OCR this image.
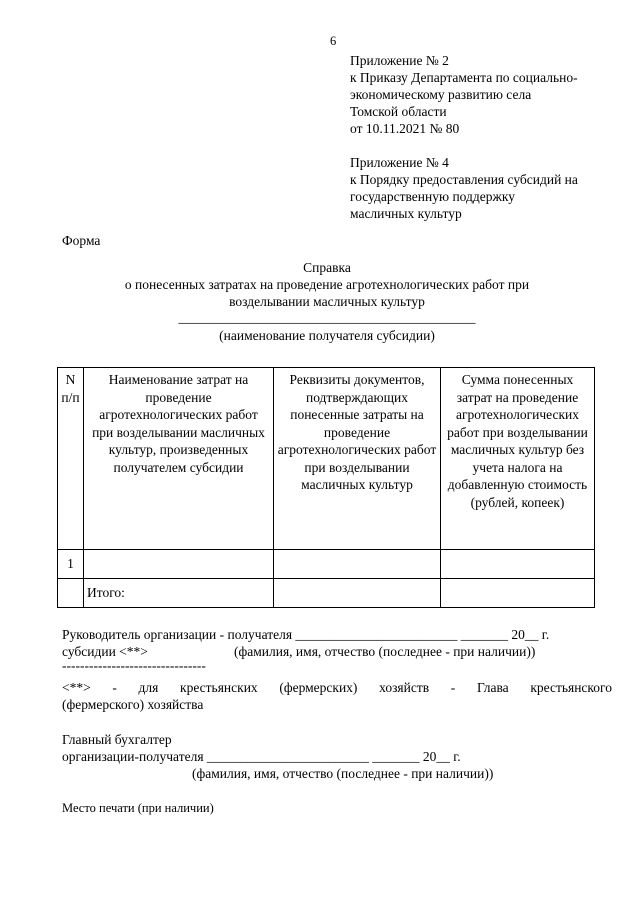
6
Приложение № 2
к Приказу Департамента по социально-
экономическому развитию села
Томской области
от 10.11.2021 № 80
Приложение № 4
к Порядку предоставления субсидий на
государственную поддержку
масличных культур
Форма
Справка
о понесенных затратах на проведение агротехнологических работ при
возделывании масличных культур
____________________________________________
(наименование получателя субсидии)
N п/п	Наименование затрат на проведение агротехнологических работ при возделывании масличных культур, произведенных получателем субсидии	Реквизиты документов, подтверждающих понесенные затраты на проведение агротехнологических работ при возделывании масличных культур	Сумма понесенных затрат на проведение агротехнологических работ при возделывании масличных культур без учета налога на добавленную стоимость (рублей, копеек)
1			
	Итого:		
Руководитель организации - получателя ________________________ _______ 20__ г.
субсидии <**>	(фамилия, имя, отчество (последнее - при наличии))
--------------------------------
<**> - для крестьянских (фермерских) хозяйств - Глава крестьянского
(фермерского) хозяйства
Главный бухгалтер
организации-получателя ________________________ _______ 20__ г.
(фамилия, имя, отчество (последнее - при наличии))
Место печати (при наличии)
